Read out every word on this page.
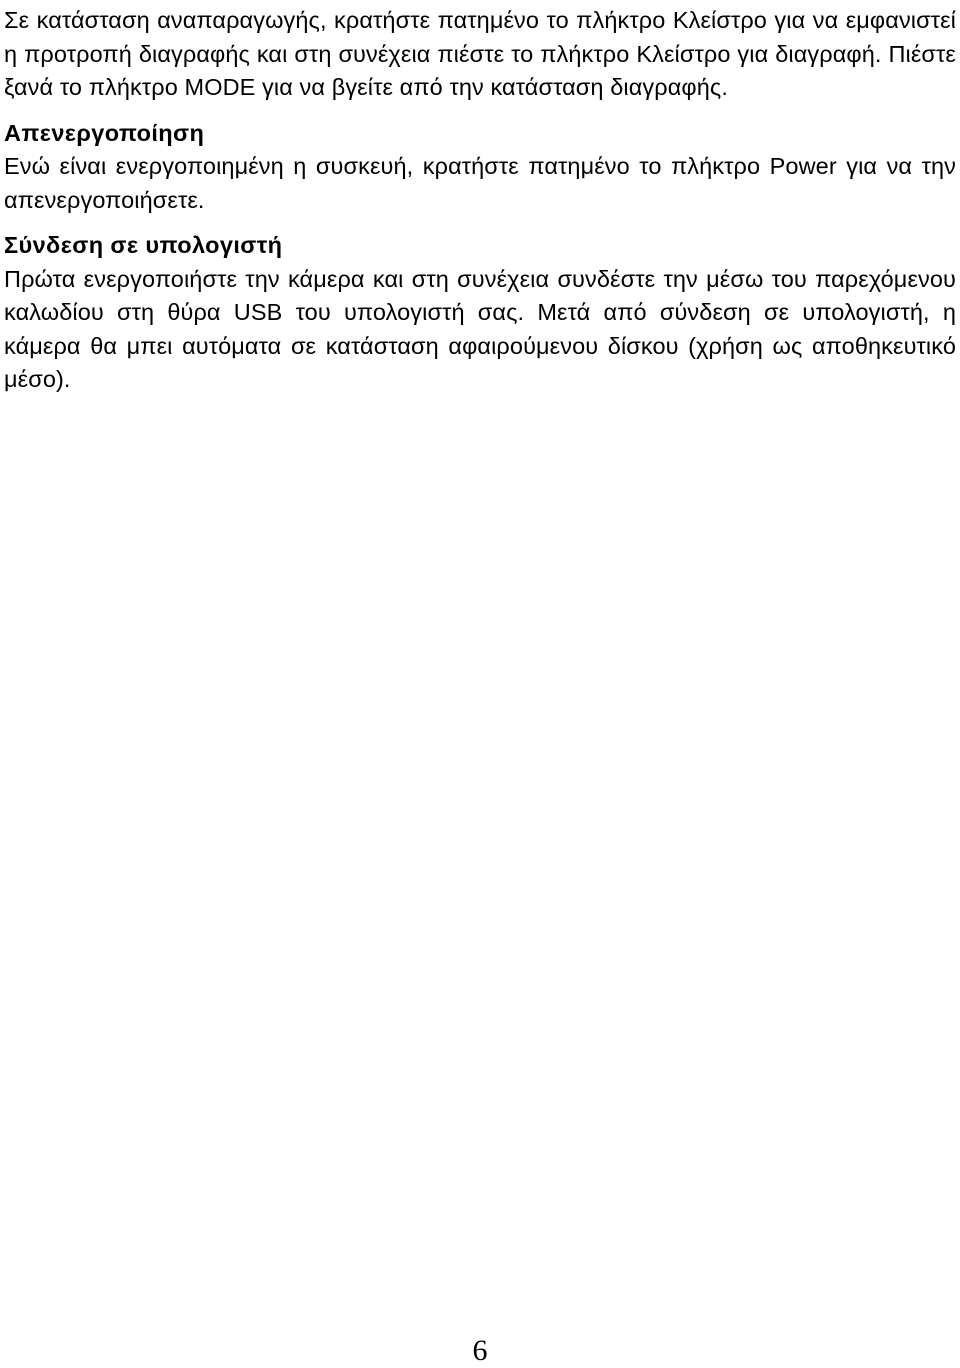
Σε κατάσταση αναπαραγωγής, κρατήστε πατημένο το πλήκτρο Κλείστρο για να εμφανιστεί η προτροπή διαγραφής και στη συνέχεια πιέστε το πλήκτρο Κλείστρο για διαγραφή. Πιέστε ξανά το πλήκτρο MODE για να βγείτε από την κατάσταση διαγραφής.

Απενεργοποίηση

Ενώ είναι ενεργοποιημένη η συσκευή, κρατήστε πατημένο το πλήκτρο Power για να την απενεργοποιήσετε.

Σύνδεση σε υπολογιστή

Πρώτα ενεργοποιήστε την κάμερα και στη συνέχεια συνδέστε την μέσω του παρεχόμενου καλωδίου στη θύρα USB του υπολογιστή σας. Μετά από σύνδεση σε υπολογιστή, η κάμερα θα μπει αυτόματα σε κατάσταση αφαιρούμενου δίσκου (χρήση ως αποθηκευτικό μέσο).

6
